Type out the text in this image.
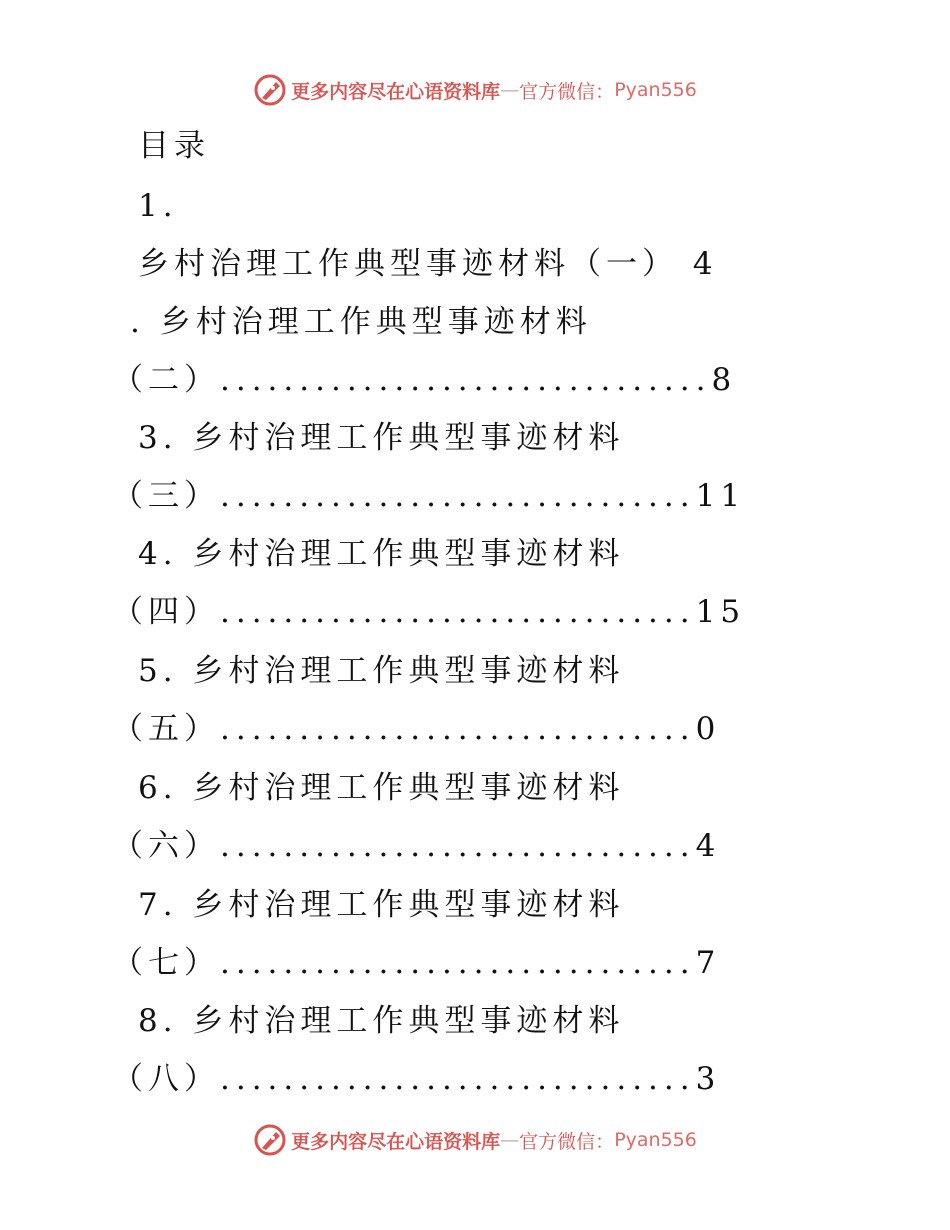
更多内容尽在心语资料库 — 官方微信： Pyan556
目录
1.
乡村治理工作典型事迹材料（一） 4
. 乡村治理工作典型事迹材料
（二）...............................8
3. 乡村治理工作典型事迹材料
（三）..............................11
4. 乡村治理工作典型事迹材料
（四）..............................15
5. 乡村治理工作典型事迹材料
（五）..............................0
6. 乡村治理工作典型事迹材料
（六）..............................4
7. 乡村治理工作典型事迹材料
（七）..............................7
8. 乡村治理工作典型事迹材料
（八）..............................3
更多内容尽在心语资料库 — 官方微信： Pyan556
